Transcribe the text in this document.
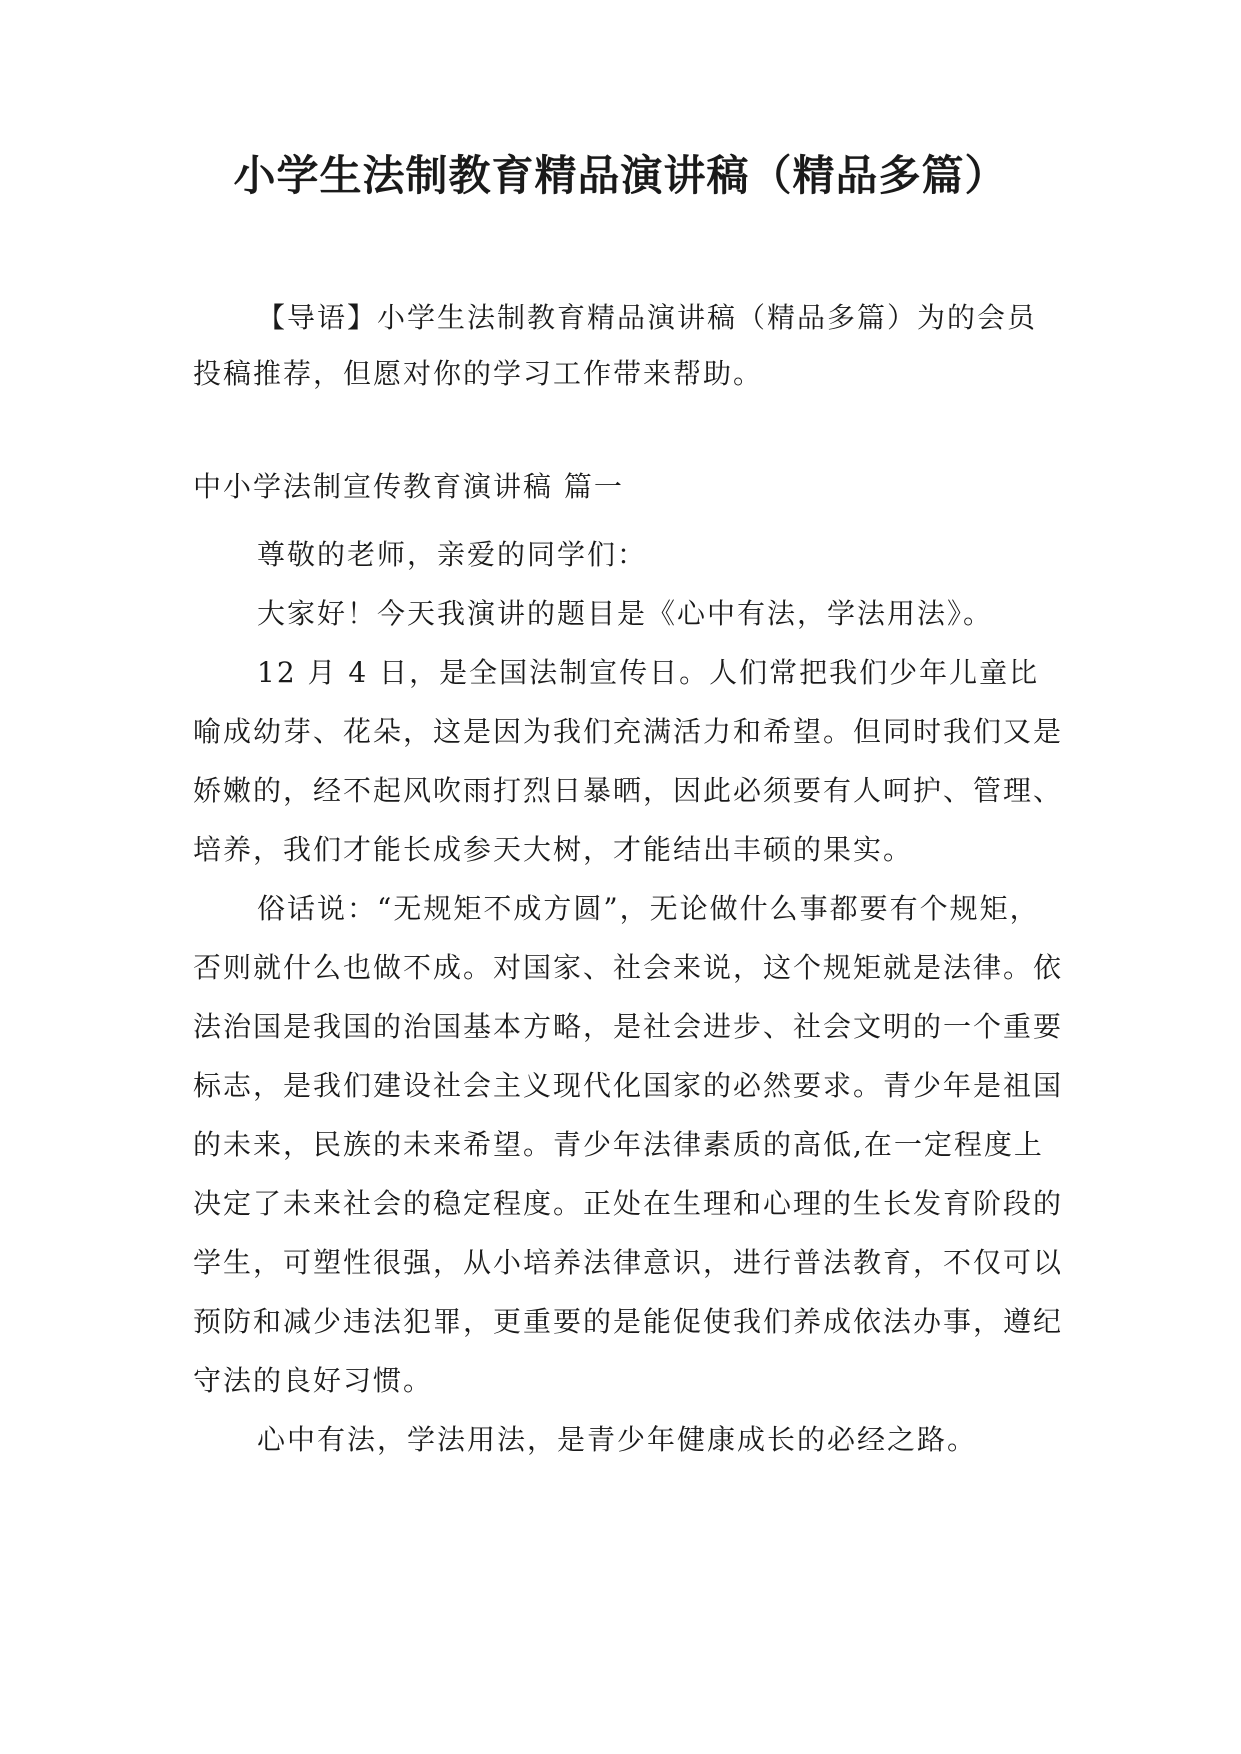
小学生法制教育精品演讲稿（精品多篇）

【导语】小学生法制教育精品演讲稿（精品多篇）为的会员投稿推荐，但愿对你的学习工作带来帮助。

中小学法制宣传教育演讲稿 篇一

尊敬的老师，亲爱的同学们：

大家好！今天我演讲的题目是《心中有法，学法用法》。

12 月 4 日，是全国法制宣传日。人们常把我们少年儿童比喻成幼芽、花朵，这是因为我们充满活力和希望。但同时我们又是娇嫩的，经不起风吹雨打烈日暴晒，因此必须要有人呵护、管理、培养，我们才能长成参天大树，才能结出丰硕的果实。

俗话说：“无规矩不成方圆”，无论做什么事都要有个规矩，否则就什么也做不成。对国家、社会来说，这个规矩就是法律。依法治国是我国的治国基本方略，是社会进步、社会文明的一个重要标志，是我们建设社会主义现代化国家的必然要求。青少年是祖国的未来，民族的未来希望。青少年法律素质的高低,在一定程度上决定了未来社会的稳定程度。正处在生理和心理的生长发育阶段的学生，可塑性很强，从小培养法律意识，进行普法教育，不仅可以预防和减少违法犯罪，更重要的是能促使我们养成依法办事，遵纪守法的良好习惯。

心中有法，学法用法，是青少年健康成长的必经之路。
